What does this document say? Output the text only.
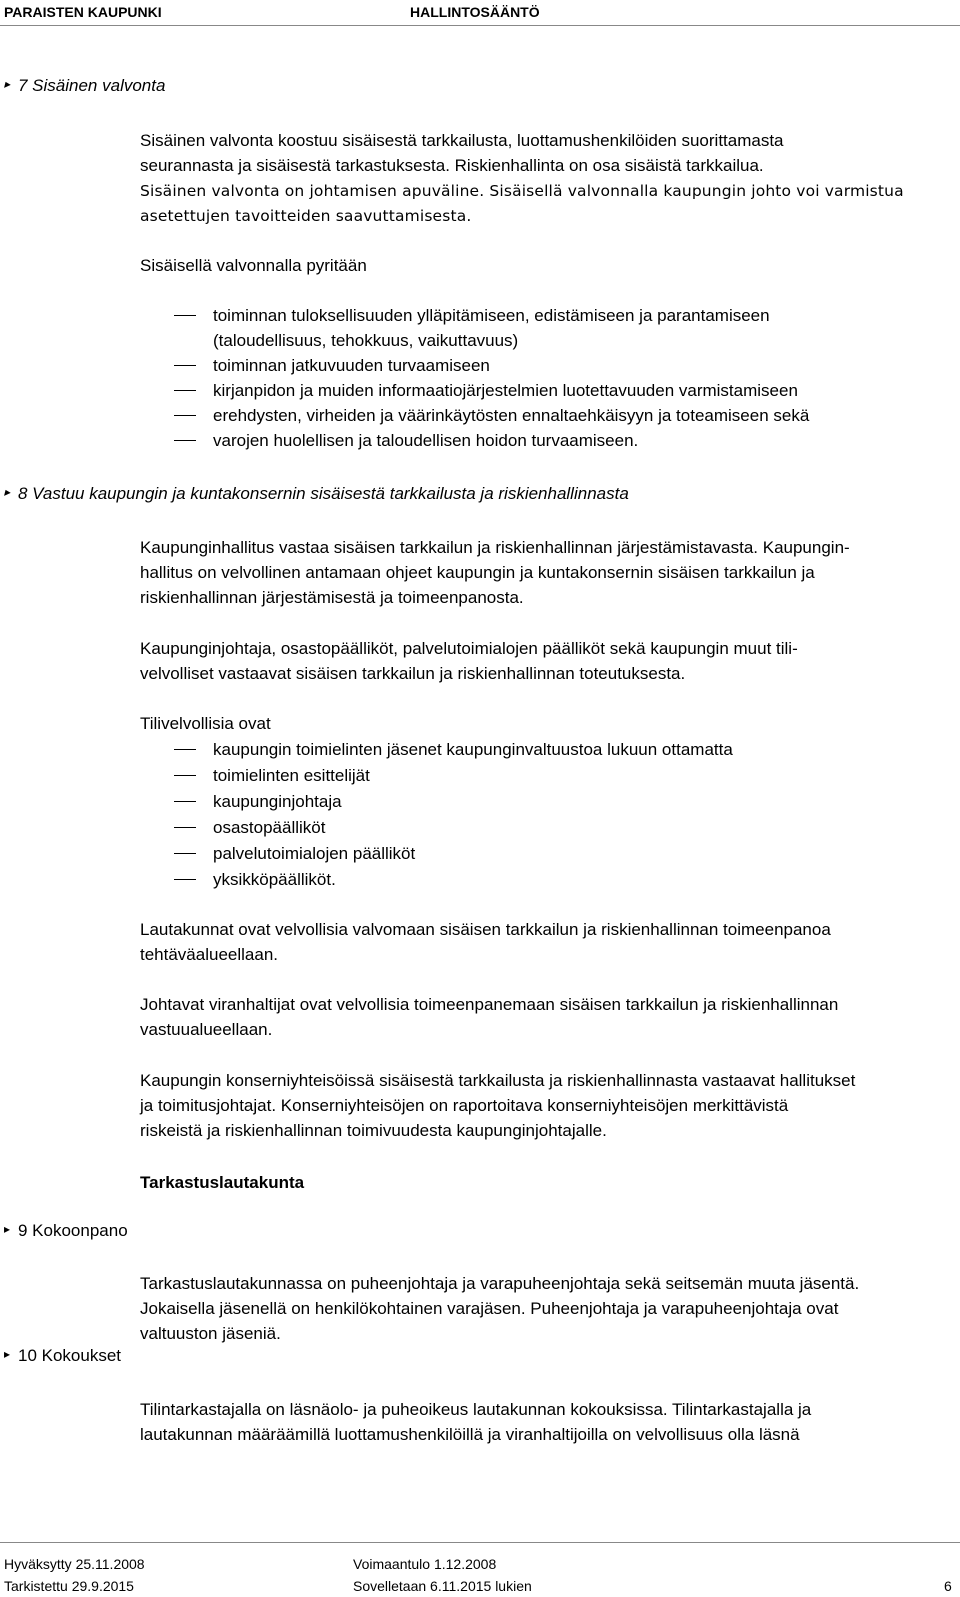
PARAISTEN KAUPUNKI	HALLINTOSÄÄNTÖ
▸ 7 Sisäinen valvonta
Sisäinen valvonta koostuu sisäisestä tarkkailusta, luottamushenkilöiden suorittamasta
seurannasta ja sisäisestä tarkastuksesta. Riskienhallinta on osa sisäistä tarkkailua.
Sisäinen valvonta on johtamisen apuväline. Sisäisellä valvonnalla kaupungin johto voi varmistua
asetettujen tavoitteiden saavuttamisesta.
Sisäisellä valvonnalla pyritään
toiminnan tuloksellisuuden ylläpitämiseen, edistämiseen ja parantamiseen
(taloudellisuus, tehokkuus, vaikuttavuus)
toiminnan jatkuvuuden turvaamiseen
kirjanpidon ja muiden informaatiojärjestelmien luotettavuuden varmistamiseen
erehdysten, virheiden ja väärinkäytösten ennaltaehkäisyyn ja toteamiseen sekä
varojen huolellisen ja taloudellisen hoidon turvaamiseen.
▸ 8 Vastuu kaupungin ja kuntakonsernin sisäisestä tarkkailusta ja riskienhallinnasta
Kaupunginhallitus vastaa sisäisen tarkkailun ja riskienhallinnan järjestämistavasta. Kaupungin-
hallitus on velvollinen antamaan ohjeet kaupungin ja kuntakonsernin sisäisen tarkkailun ja
riskienhallinnan järjestämisestä ja toimeenpanosta.
Kaupunginjohtaja, osastopäälliköt, palvelutoimialojen päälliköt sekä kaupungin muut tili-
velvolliset vastaavat sisäisen tarkkailun ja riskienhallinnan toteutuksesta.
Tilivelvollisia ovat
kaupungin toimielinten jäsenet kaupunginvaltuustoa lukuun ottamatta
toimielinten esittelijät
kaupunginjohtaja
osastopäälliköt
palvelutoimialojen päälliköt
yksikköpäälliköt.
Lautakunnat ovat velvollisia valvomaan sisäisen tarkkailun ja riskienhallinnan toimeenpanoa
tehtäväalueellaan.
Johtavat viranhaltijat ovat velvollisia toimeenpanemaan sisäisen tarkkailun ja riskienhallinnan
vastuualueellaan.
Kaupungin konserniyhteisöissä sisäisestä tarkkailusta ja riskienhallinnasta vastaavat hallitukset
ja toimitusjohtajat. Konserniyhteisöjen on raportoitava konserniyhteisöjen merkittävistä
riskeistä ja riskienhallinnan toimivuudesta kaupunginjohtajalle.
Tarkastuslautakunta
▸ 9 Kokoonpano
Tarkastuslautakunnassa on puheenjohtaja ja varapuheenjohtaja sekä seitsemän muuta jäsentä.
Jokaisella jäsenellä on henkilökohtainen varajäsen. Puheenjohtaja ja varapuheenjohtaja ovat
valtuuston jäseniä.
▸ 10 Kokoukset
Tilintarkastajalla on läsnäolo- ja puheoikeus lautakunnan kokouksissa. Tilintarkastajalla ja
lautakunnan määräämillä luottamushenkilöillä ja viranhaltijoilla on velvollisuus olla läsnä
Hyväksytty 25.11.2008	Voimaantulo 1.12.2008
Tarkistettu 29.9.2015	Sovelletaan 6.11.2015 lukien	6
